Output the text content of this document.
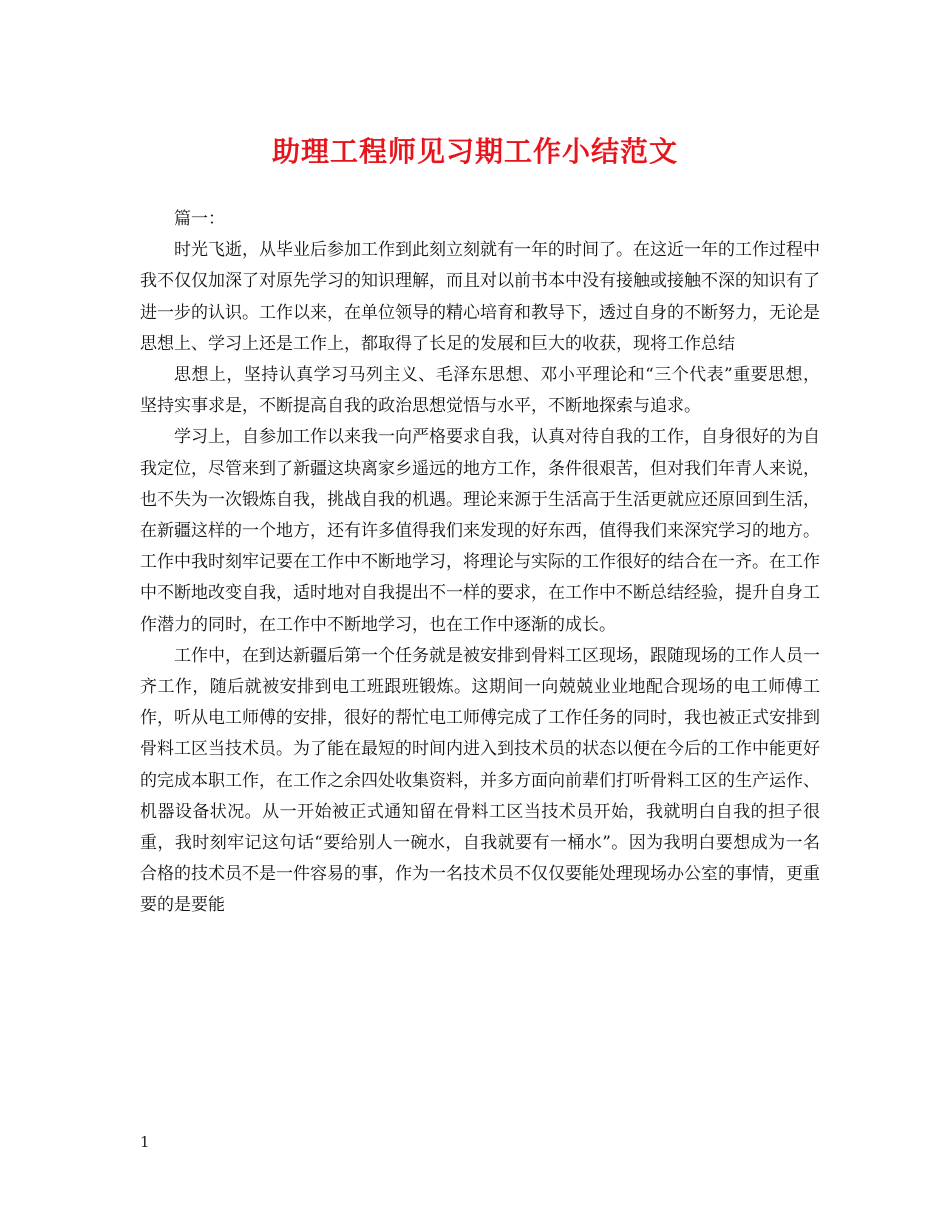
助理工程师见习期工作小结范文

篇一：

时光飞逝，从毕业后参加工作到此刻立刻就有一年的时间了。在这近一年的工作过程中我不仅仅加深了对原先学习的知识理解，而且对以前书本中没有接触或接触不深的知识有了进一步的认识。工作以来，在单位领导的精心培育和教导下，透过自身的不断努力，无论是思想上、学习上还是工作上，都取得了长足的发展和巨大的收获，现将工作总结

思想上，坚持认真学习马列主义、毛泽东思想、邓小平理论和“三个代表”重要思想，坚持实事求是，不断提高自我的政治思想觉悟与水平，不断地探索与追求。

学习上，自参加工作以来我一向严格要求自我，认真对待自我的工作，自身很好的为自我定位，尽管来到了新疆这块离家乡遥远的地方工作，条件很艰苦，但对我们年青人来说，也不失为一次锻炼自我，挑战自我的机遇。理论来源于生活高于生活更就应还原回到生活，在新疆这样的一个地方，还有许多值得我们来发现的好东西，值得我们来深究学习的地方。工作中我时刻牢记要在工作中不断地学习，将理论与实际的工作很好的结合在一齐。在工作中不断地改变自我，适时地对自我提出不一样的要求，在工作中不断总结经验，提升自身工作潜力的同时，在工作中不断地学习，也在工作中逐渐的成长。

工作中，在到达新疆后第一个任务就是被安排到骨料工区现场，跟随现场的工作人员一齐工作，随后就被安排到电工班跟班锻炼。这期间一向兢兢业业地配合现场的电工师傅工作，听从电工师傅的安排，很好的帮忙电工师傅完成了工作任务的同时，我也被正式安排到骨料工区当技术员。为了能在最短的时间内进入到技术员的状态以便在今后的工作中能更好的完成本职工作，在工作之余四处收集资料，并多方面向前辈们打听骨料工区的生产运作、机器设备状况。从一开始被正式通知留在骨料工区当技术员开始，我就明白自我的担子很重，我时刻牢记这句话“要给别人一碗水，自我就要有一桶水”。因为我明白要想成为一名合格的技术员不是一件容易的事，作为一名技术员不仅仅要能处理现场办公室的事情，更重要的是要能

1
